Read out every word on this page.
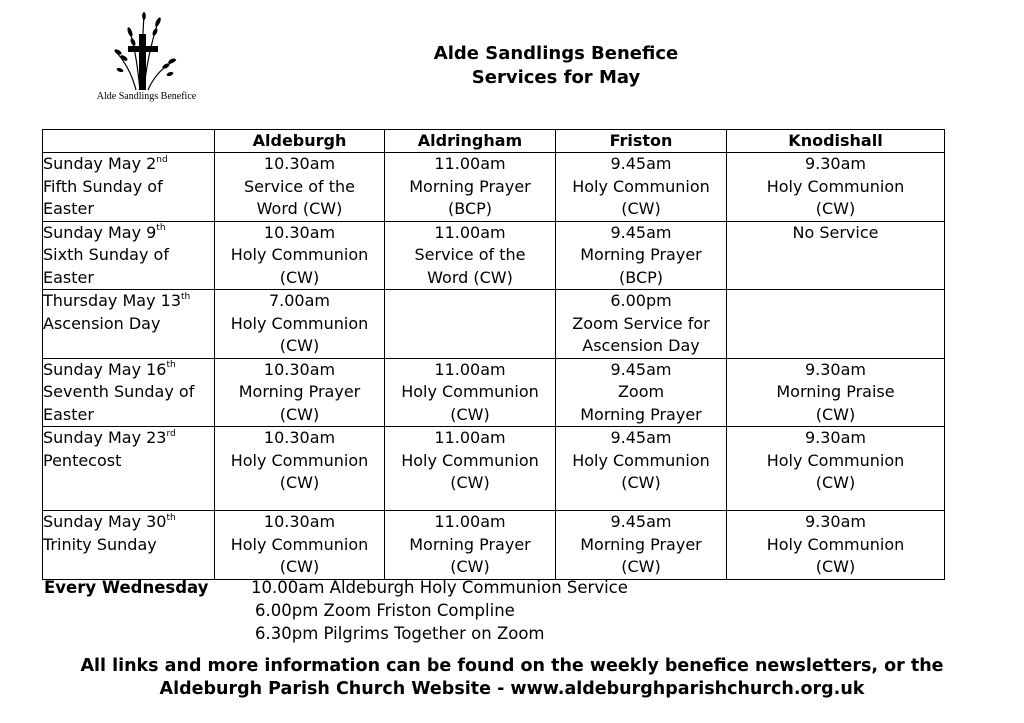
Alde Sandlings Benefice
Alde Sandlings Benefice
Services for May
	Aldeburgh	Aldringham	Friston	Knodishall

Sunday May 2nd
Fifth Sunday of
Easter	10.30am
Service of the
Word (CW)	11.00am
Morning Prayer
(BCP)	9.45am
Holy Communion
(CW)	9.30am
Holy Communion
(CW)

Sunday May 9th
Sixth Sunday of
Easter	10.30am
Holy Communion
(CW)	11.00am
Service of the
Word (CW)	9.45am
Morning Prayer
(BCP)	No Service

Thursday May 13th
Ascension Day	7.00am
Holy Communion
(CW)		6.00pm
Zoom Service for
Ascension Day	

Sunday May 16th
Seventh Sunday of
Easter	10.30am
Morning Prayer
(CW)	11.00am
Holy Communion
(CW)	9.45am
Zoom
Morning Prayer	9.30am
Morning Praise
(CW)

Sunday May 23rd
Pentecost	10.30am
Holy Communion
(CW)	11.00am
Holy Communion
(CW)	9.45am
Holy Communion
(CW)	9.30am
Holy Communion
(CW)

Sunday May 30th
Trinity Sunday	10.30am
Holy Communion
(CW)	11.00am
Morning Prayer
(CW)	9.45am
Morning Prayer
(CW)	9.30am
Holy Communion
(CW)
Every Wednesday	10.00am Aldeburgh Holy Communion Service
6.00pm Zoom Friston Compline
6.30pm Pilgrims Together on Zoom
All links and more information can be found on the weekly benefice newsletters, or the
Aldeburgh Parish Church Website - www.aldeburghparishchurch.org.uk
